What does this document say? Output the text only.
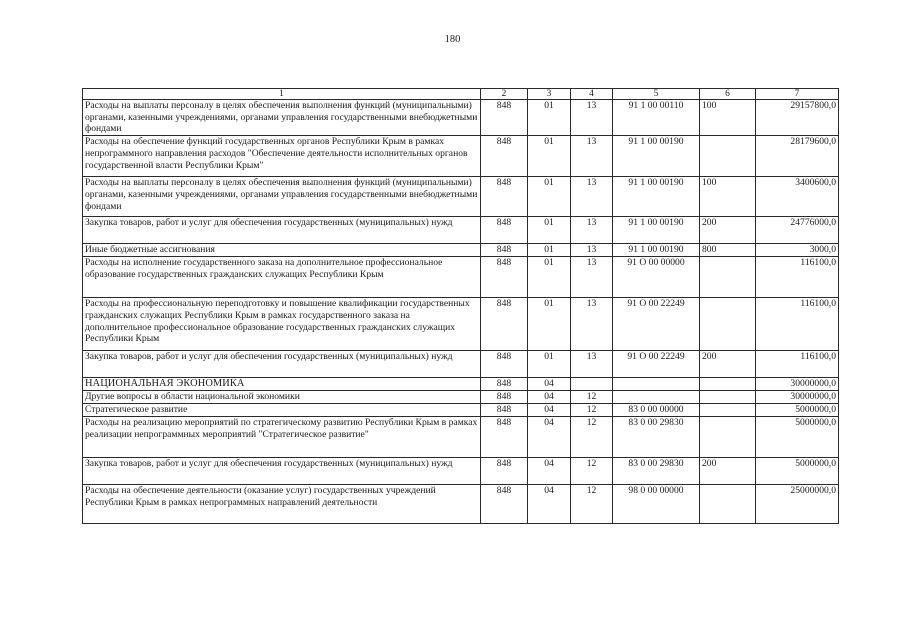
180
1	2	3	4	5	6	7
Расходы на выплаты персоналу в целях обеспечения выполнения функций (муниципальными) органами, казенными учреждениями, органами управления государственными внебюджетными фондами	848	01	13	91 1 00 00110	100	29157800,0
Расходы на обеспечение функций государственных органов Республики Крым в рамках непрограммного направления расходов "Обеспечение деятельности исполнительных органов государственной власти Республики Крым"	848	01	13	91 1 00 00190		28179600,0
Расходы на выплаты персоналу в целях обеспечения выполнения функций (муниципальными) органами, казенными учреждениями, органами управления государственными внебюджетными фондами	848	01	13	91 1 00 00190	100	3400600,0
Закупка товаров, работ и услуг для обеспечения государственных (муниципальных) нужд	848	01	13	91 1 00 00190	200	24776000,0
Иные бюджетные ассигнования	848	01	13	91 1 00 00190	800	3000,0
Расходы на исполнение государственного заказа на дополнительное профессиональное образование государственных гражданских служащих Республики Крым	848	01	13	91 О 00 00000		116100,0
Расходы на профессиональную переподготовку и повышение квалификации государственных гражданских служащих Республики Крым в рамках государственного заказа на дополнительное профессиональное образование государственных гражданских служащих Республики Крым	848	01	13	91 О 00 22249		116100,0
Закупка товаров, работ и услуг для обеспечения государственных (муниципальных) нужд	848	01	13	91 О 00 22249	200	116100,0
НАЦИОНАЛЬНАЯ ЭКОНОМИКА	848	04				30000000,0
Другие вопросы в области национальной экономики	848	04	12			30000000,0
Стратегическое развитие	848	04	12	83 0 00 00000		5000000,0
Расходы на реализацию мероприятий по стратегическому развитию Республики Крым в рамках реализации непрограммных мероприятий "Стратегическое развитие"	848	04	12	83 0 00 29830		5000000,0
Закупка товаров, работ и услуг для обеспечения государственных (муниципальных) нужд	848	04	12	83 0 00 29830	200	5000000,0
Расходы на обеспечение деятельности (оказание услуг) государственных учреждений Республики Крым в рамках непрограммных направлений деятельности	848	04	12	98 0 00 00000		25000000,0
